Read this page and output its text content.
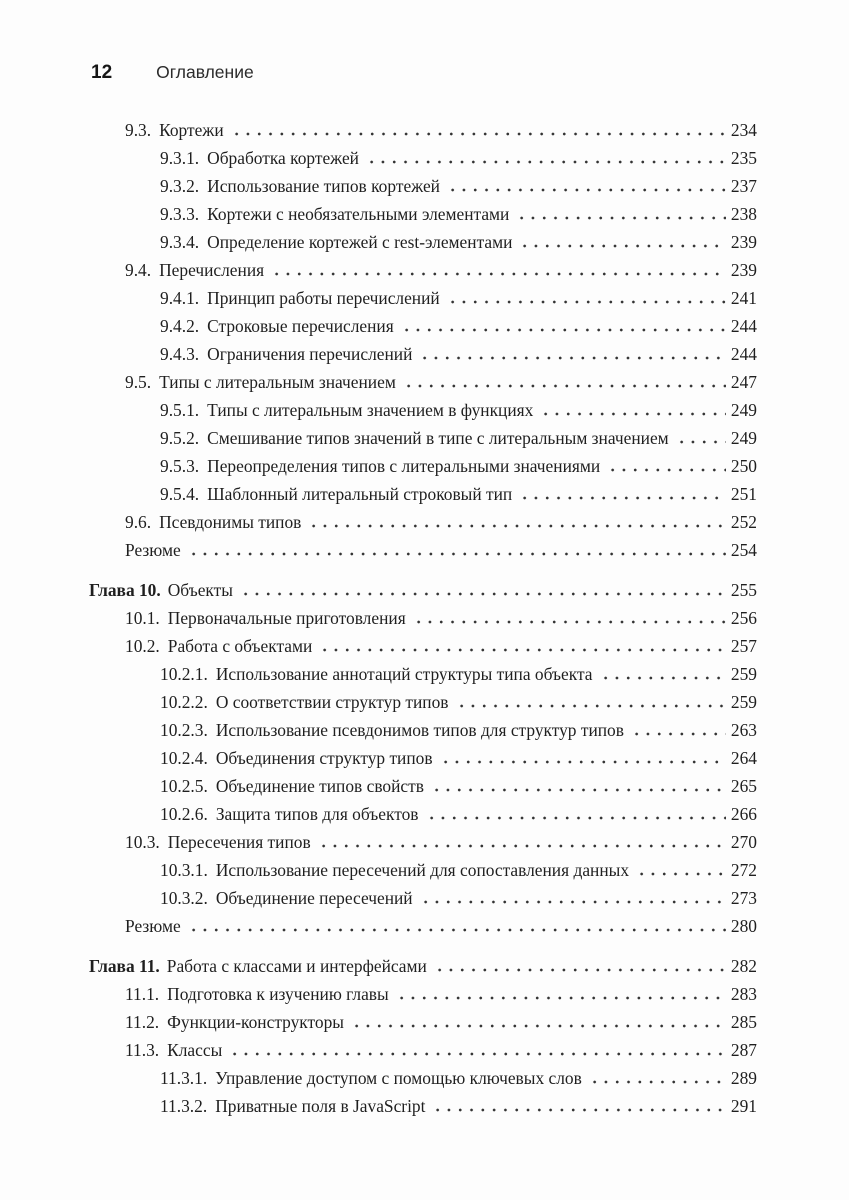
12	Оглавление
9.3. Кортежи	234
9.3.1. Обработка кортежей	235
9.3.2. Использование типов кортежей	237
9.3.3. Кортежи с необязательными элементами	238
9.3.4. Определение кортежей с rest-элементами	239
9.4. Перечисления	239
9.4.1. Принцип работы перечислений	241
9.4.2. Строковые перечисления	244
9.4.3. Ограничения перечислений	244
9.5. Типы с литеральным значением	247
9.5.1. Типы с литеральным значением в функциях	249
9.5.2. Смешивание типов значений в типе с литеральным значением	249
9.5.3. Переопределения типов с литеральными значениями	250
9.5.4. Шаблонный литеральный строковый тип	251
9.6. Псевдонимы типов	252
Резюме	254
Глава 10. Объекты	255
10.1. Первоначальные приготовления	256
10.2. Работа с объектами	257
10.2.1. Использование аннотаций структуры типа объекта	259
10.2.2. О соответствии структур типов	259
10.2.3. Использование псевдонимов типов для структур типов	263
10.2.4. Объединения структур типов	264
10.2.5. Объединение типов свойств	265
10.2.6. Защита типов для объектов	266
10.3. Пересечения типов	270
10.3.1. Использование пересечений для сопоставления данных	272
10.3.2. Объединение пересечений	273
Резюме	280
Глава 11. Работа с классами и интерфейсами	282
11.1. Подготовка к изучению главы	283
11.2. Функции-конструкторы	285
11.3. Классы	287
11.3.1. Управление доступом с помощью ключевых слов	289
11.3.2. Приватные поля в JavaScript	291
